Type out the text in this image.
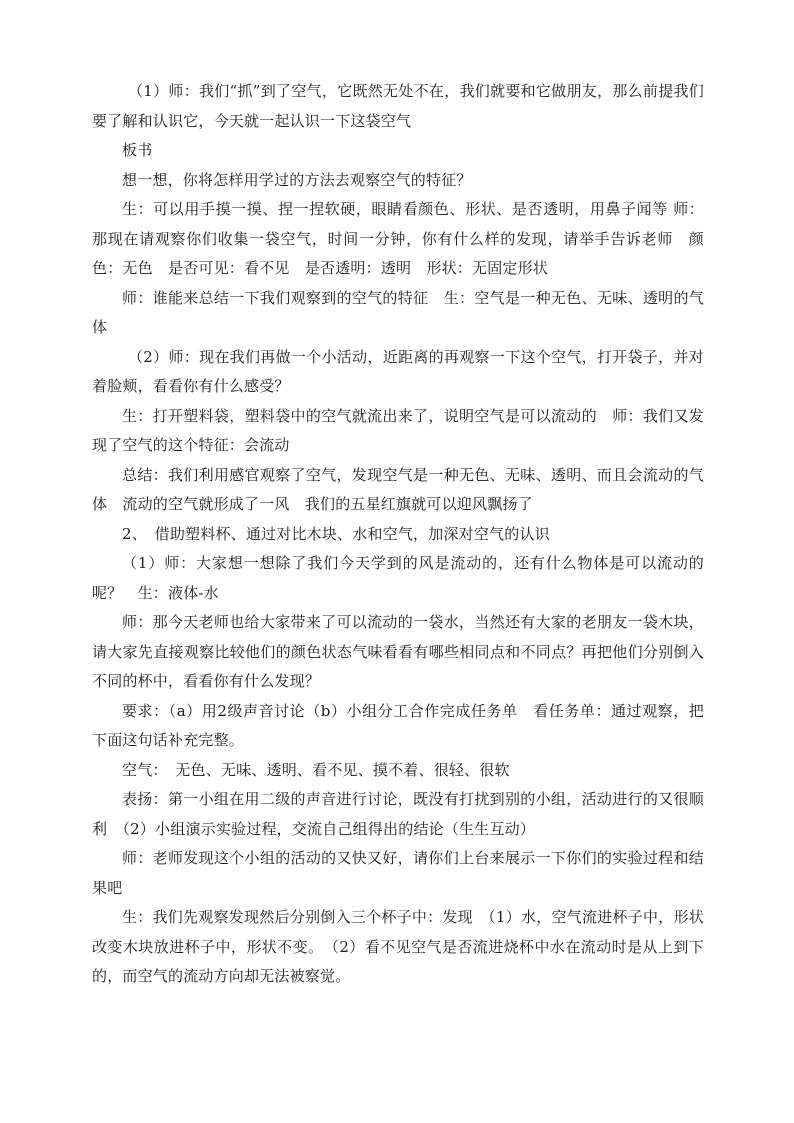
（1）师：我们“抓”到了空气，它既然无处不在，我们就要和它做朋友，那么前提我们要了解和认识它，今天就一起认识一下这袋空气

板书

想一想，你将怎样用学过的方法去观察空气的特征？

生：可以用手摸一摸、捏一捏软硬，眼睛看颜色、形状、是否透明，用鼻子闻等 师：那现在请观察你们收集一袋空气，时间一分钟，你有什么样的发现，请举手告诉老师　颜色：无色　是否可见：看不见　是否透明：透明　形状：无固定形状

师：谁能来总结一下我们观察到的空气的特征　生：空气是一种无色、无味、透明的气体

（2）师：现在我们再做一个小活动，近距离的再观察一下这个空气，打开袋子，并对着脸颊，看看你有什么感受？

生：打开塑料袋，塑料袋中的空气就流出来了，说明空气是可以流动的　师：我们又发现了空气的这个特征：会流动

总结：我们利用感官观察了空气，发现空气是一种无色、无味、透明、而且会流动的气体　流动的空气就形成了一风　我们的五星红旗就可以迎风飘扬了

2、　借助塑料杯、通过对比木块、水和空气，加深对空气的认识

（1）师：大家想一想除了我们今天学到的风是流动的，还有什么物体是可以流动的呢？　生：液体-水

师：那今天老师也给大家带来了可以流动的一袋水，当然还有大家的老朋友一袋木块，请大家先直接观察比较他们的颜色状态气味看看有哪些相同点和不同点？再把他们分别倒入不同的杯中，看看你有什么发现？

要求：（a）用2级声音讨论（b）小组分工合作完成任务单　看任务单：通过观察，把下面这句话补充完整。

空气：　无色、无味、透明、看不见、摸不着、很轻、很软

表扬：第一小组在用二级的声音进行讨论，既没有打扰到别的小组，活动进行的又很顺利　（2）小组演示实验过程，交流自己组得出的结论（生生互动）

师：老师发现这个小组的活动的又快又好，请你们上台来展示一下你们的实验过程和结果吧

生：我们先观察发现然后分别倒入三个杯子中：发现　（1）水，空气流进杯子中，形状改变木块放进杯子中，形状不变。　（2）看不见空气是否流进烧杯中水在流动时是从上到下的，而空气的流动方向却无法被察觉。
